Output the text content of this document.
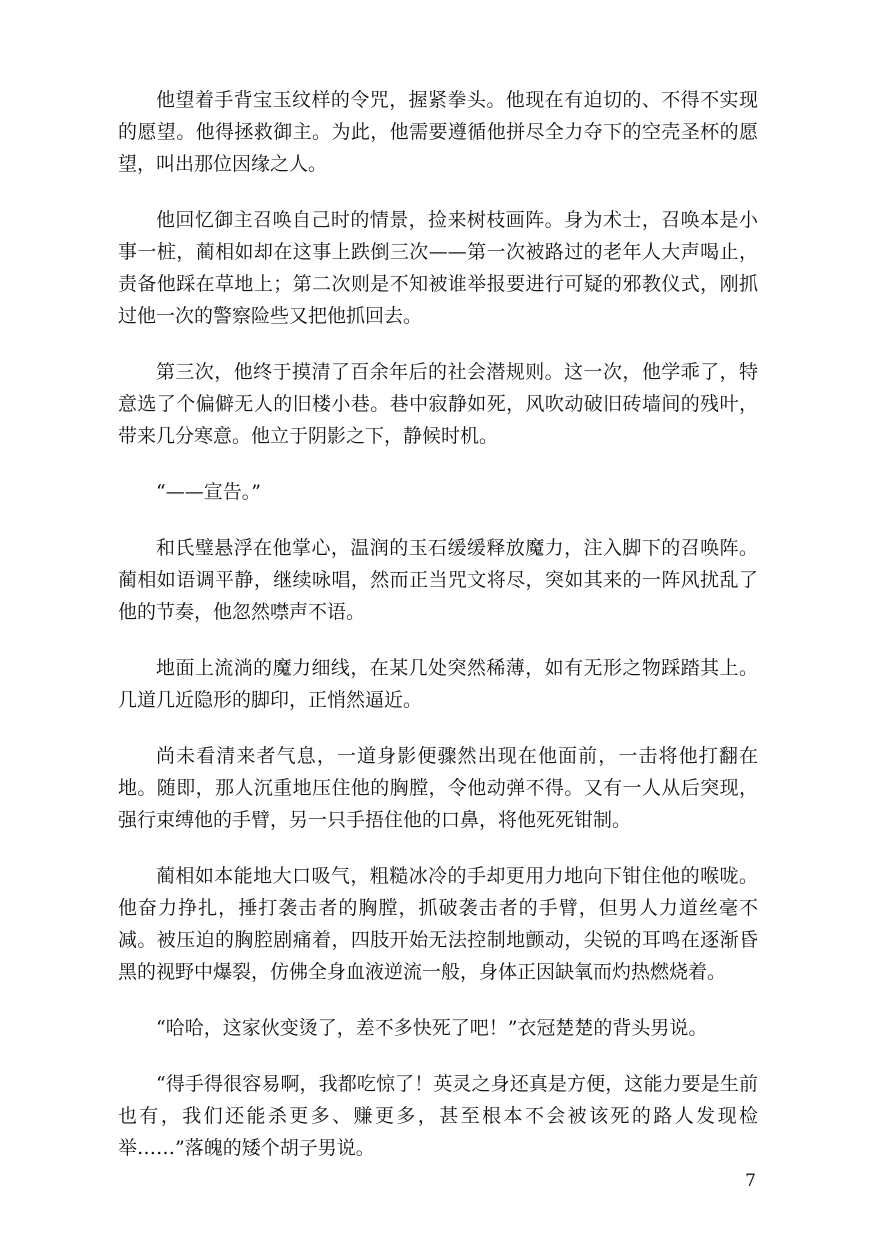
他望着手背宝玉纹样的令咒，握紧拳头。他现在有迫切的、不得不实现的愿望。他得拯救御主。为此，他需要遵循他拼尽全力夺下的空壳圣杯的愿望，叫出那位因缘之人。

他回忆御主召唤自己时的情景，捡来树枝画阵。身为术士，召唤本是小事一桩，蔺相如却在这事上跌倒三次——第一次被路过的老年人大声喝止，责备他踩在草地上；第二次则是不知被谁举报要进行可疑的邪教仪式，刚抓过他一次的警察险些又把他抓回去。

第三次，他终于摸清了百余年后的社会潜规则。这一次，他学乖了，特意选了个偏僻无人的旧楼小巷。巷中寂静如死，风吹动破旧砖墙间的残叶，带来几分寒意。他立于阴影之下，静候时机。

“——宣告。”

和氏璧悬浮在他掌心，温润的玉石缓缓释放魔力，注入脚下的召唤阵。蔺相如语调平静，继续咏唱，然而正当咒文将尽，突如其来的一阵风扰乱了他的节奏，他忽然噤声不语。

地面上流淌的魔力细线，在某几处突然稀薄，如有无形之物踩踏其上。几道几近隐形的脚印，正悄然逼近。

尚未看清来者气息，一道身影便骤然出现在他面前，一击将他打翻在地。随即，那人沉重地压住他的胸膛，令他动弹不得。又有一人从后突现，强行束缚他的手臂，另一只手捂住他的口鼻，将他死死钳制。

蔺相如本能地大口吸气，粗糙冰冷的手却更用力地向下钳住他的喉咙。他奋力挣扎，捶打袭击者的胸膛，抓破袭击者的手臂，但男人力道丝毫不减。被压迫的胸腔剧痛着，四肢开始无法控制地颤动，尖锐的耳鸣在逐渐昏黑的视野中爆裂，仿佛全身血液逆流一般，身体正因缺氧而灼热燃烧着。

“哈哈，这家伙变烫了，差不多快死了吧！”衣冠楚楚的背头男说。

“得手得很容易啊，我都吃惊了！英灵之身还真是方便，这能力要是生前也有，我们还能杀更多、赚更多，甚至根本不会被该死的路人发现检举……”落魄的矮个胡子男说。

7
